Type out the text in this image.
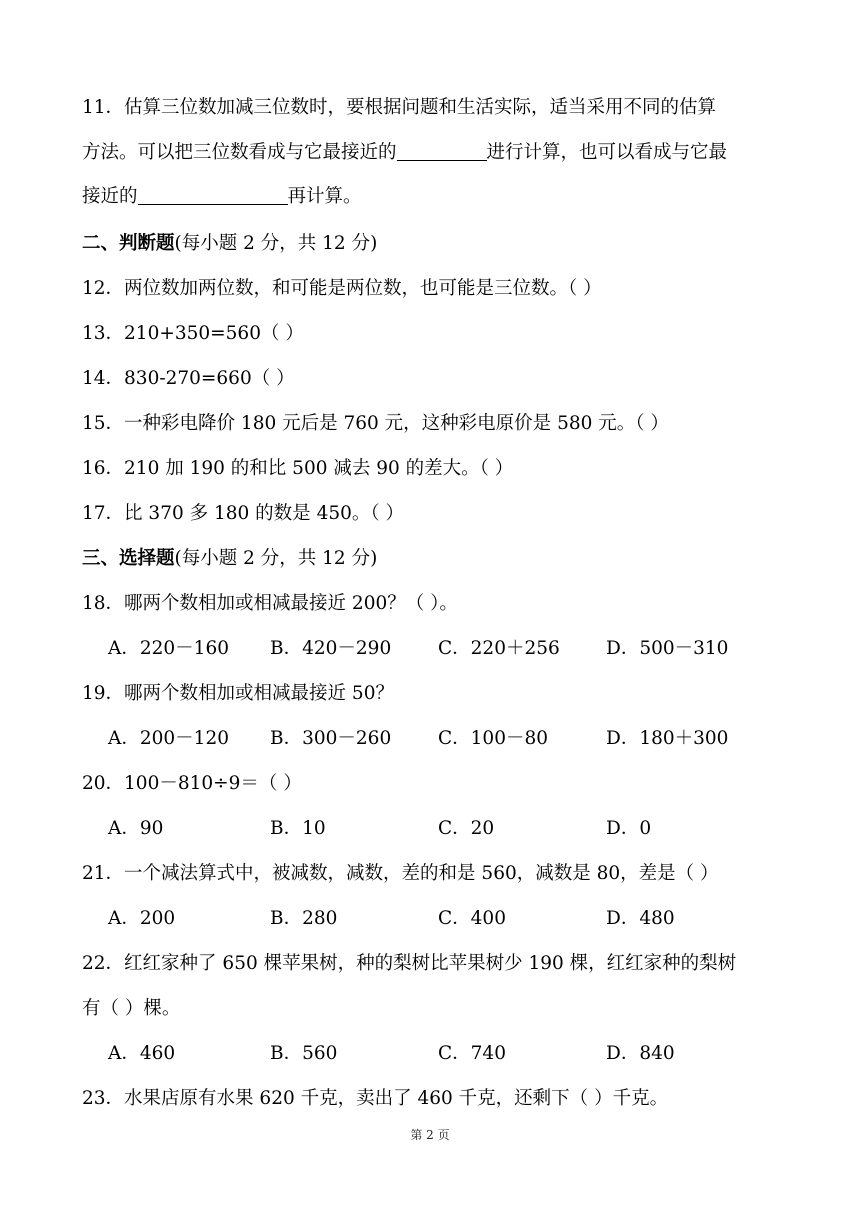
11．估算三位数加减三位数时，要根据问题和生活实际，适当采用不同的估算
方法。可以把三位数看成与它最接近的	进行计算，也可以看成与它最
接近的	再计算。
二、判断题(每小题 2 分，共 12 分)
12．两位数加两位数，和可能是两位数，也可能是三位数。（ ）
13．210+350=560（ ）
14．830-270=660（ ）
15．一种彩电降价 180 元后是 760 元，这种彩电原价是 580 元。（ ）
16．210 加 190 的和比 500 减去 90 的差大。（ ）
17．比 370 多 180 的数是 450。（ ）
三、选择题(每小题 2 分，共 12 分)
18．哪两个数相加或相减最接近 200？（ ）。
A．220－160 B．420－290	C．220＋256 D．500－310
19．哪两个数相加或相减最接近 50？
A．200－120 B．300－260	C．100－80	D．180＋300
20．100－810÷9＝（ ）
A．90	B．10	C．20	D．0
21．一个减法算式中，被减数，减数，差的和是 560，减数是 80，差是（ ）
A．200	B．280	C．400	D．480
22．红红家种了 650 棵苹果树，种的梨树比苹果树少 190 棵，红红家种的梨树
有（ ）棵。
A．460	B．560	C．740	D．840
23．水果店原有水果 620 千克，卖出了 460 千克，还剩下（ ）千克。
第 2 页
